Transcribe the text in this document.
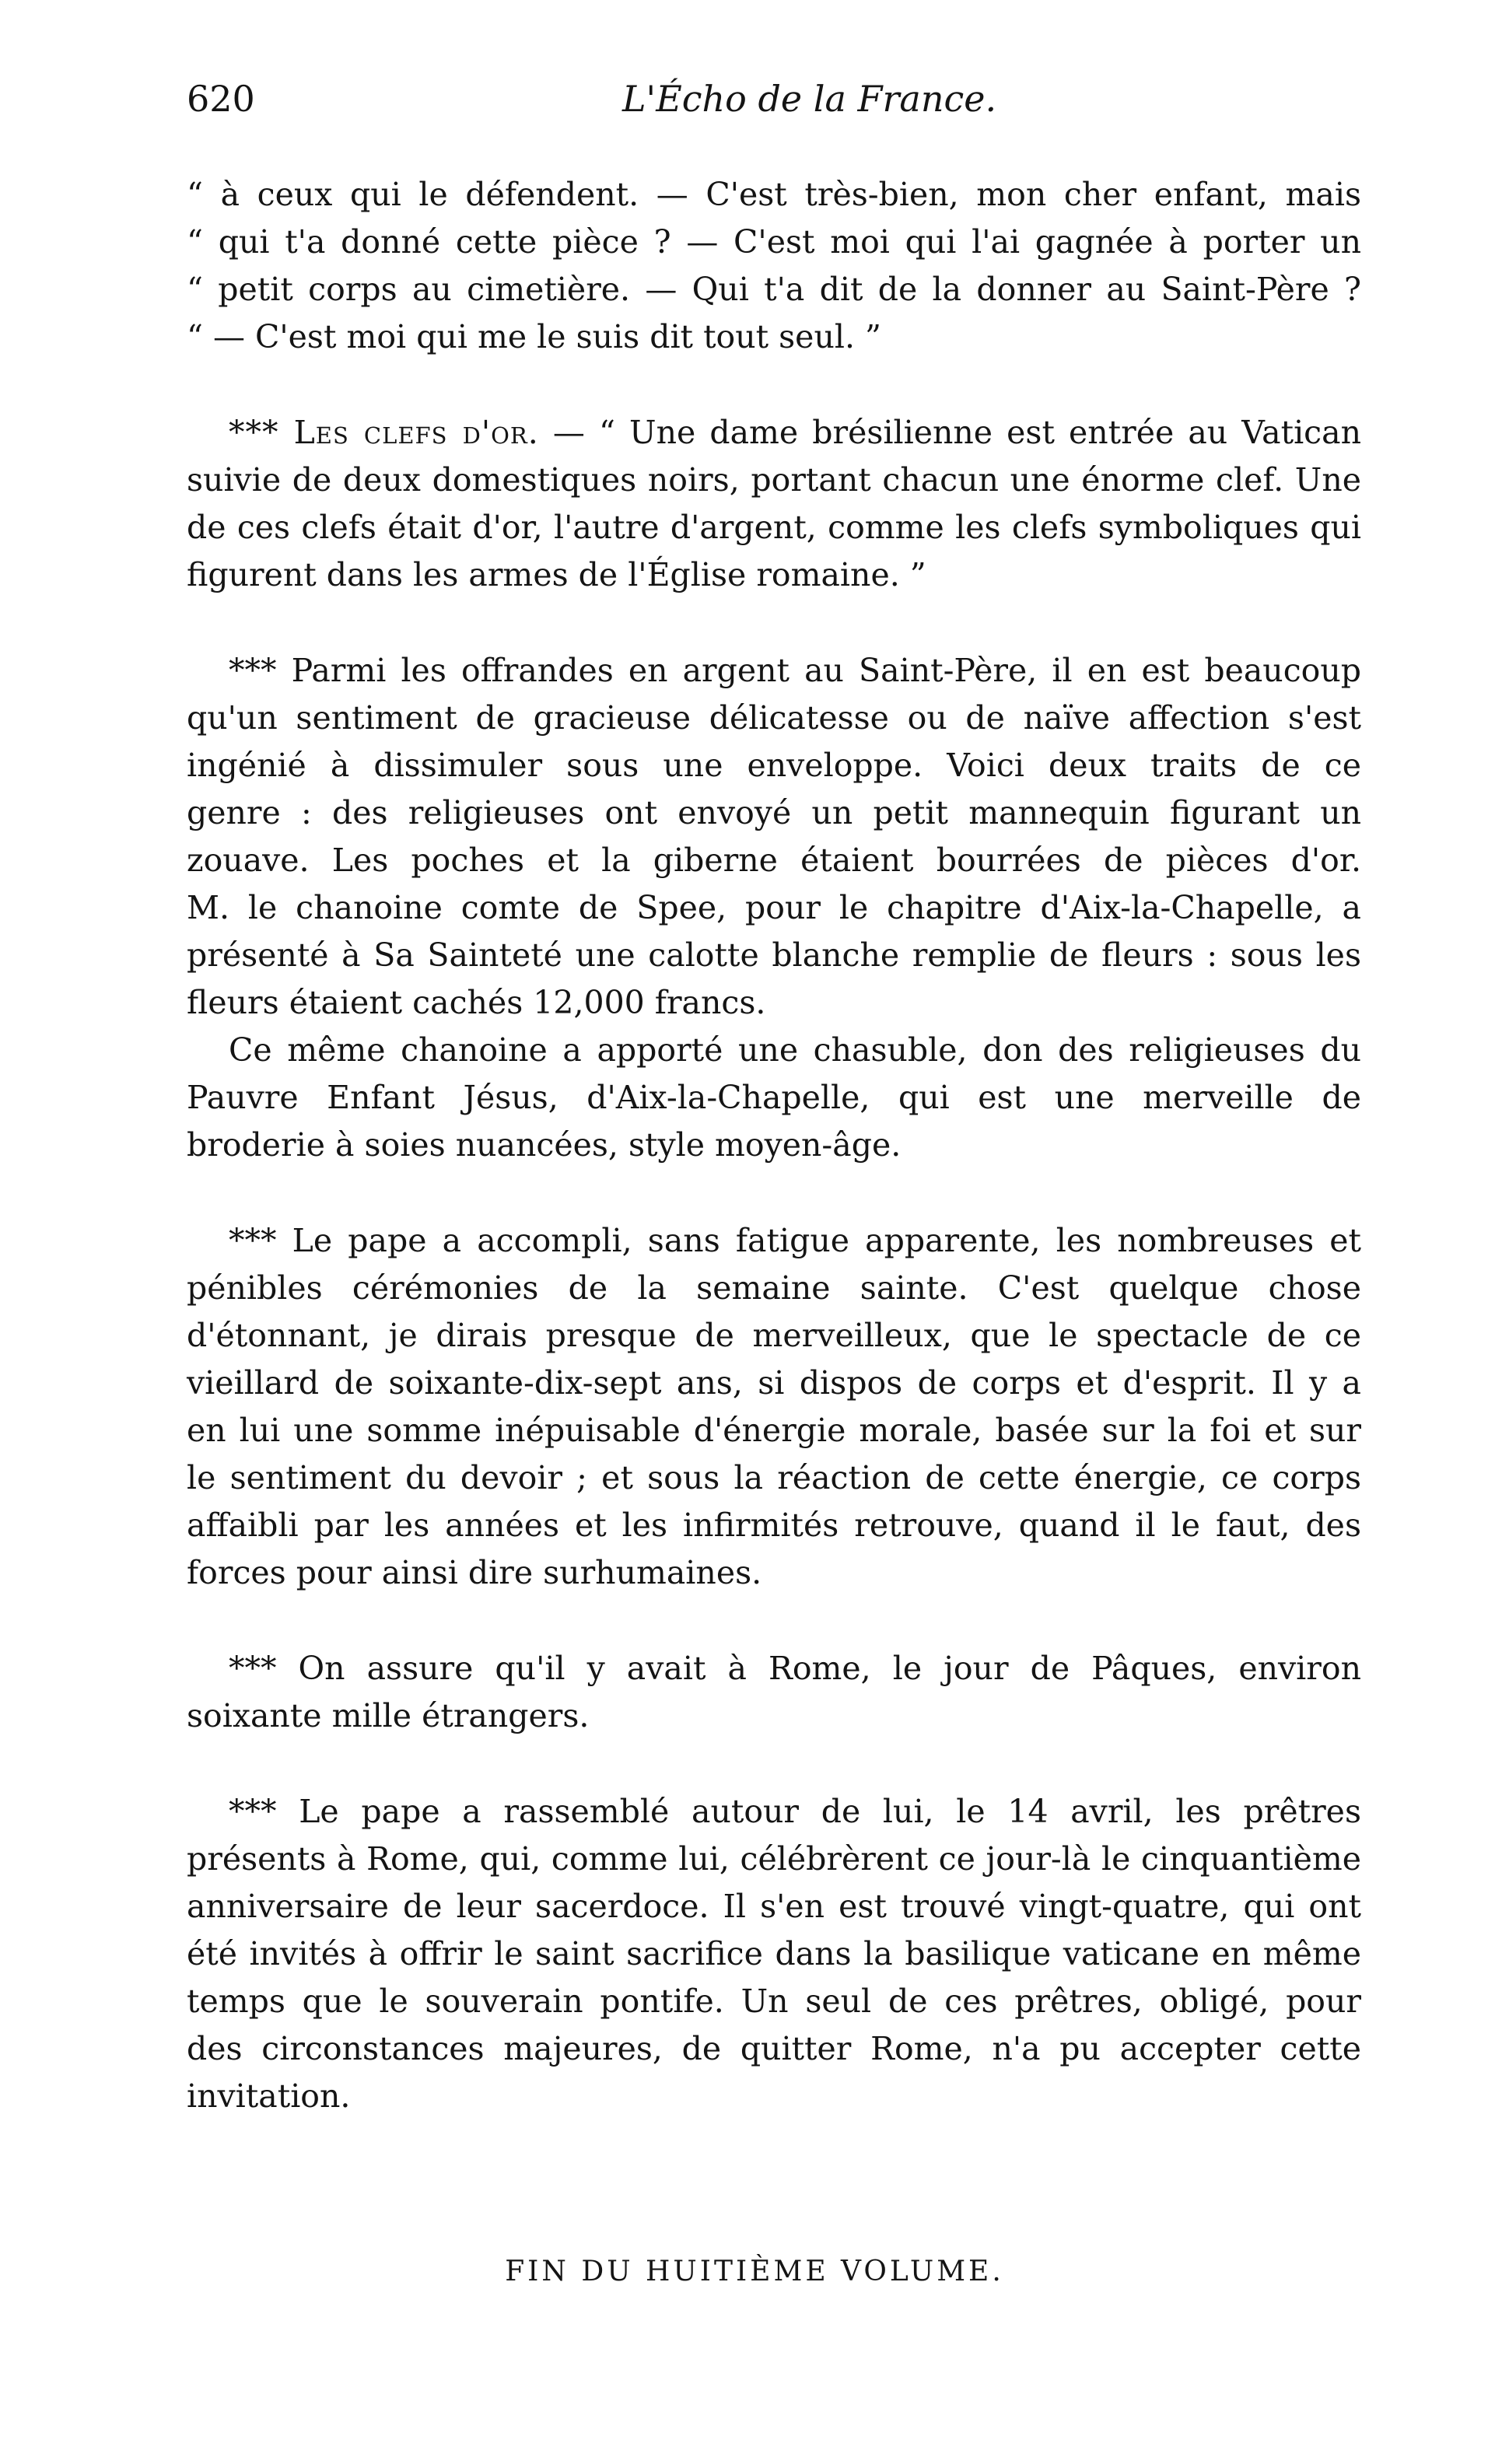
620	L'Écho de la France.

“ à ceux qui le défendent. — C'est très-bien, mon cher enfant, mais
“ qui t'a donné cette pièce ? — C'est moi qui l'ai gagnée à porter un
“ petit corps au cimetière. — Qui t'a dit de la donner au Saint-Père ?
“ — C'est moi qui me le suis dit tout seul. ”

*** Les clefs d'or. — “ Une dame brésilienne est entrée au Vatican
suivie de deux domestiques noirs, portant chacun une énorme clef. Une
de ces clefs était d'or, l'autre d'argent, comme les clefs symboliques qui
figurent dans les armes de l'Église romaine. ”

*** Parmi les offrandes en argent au Saint-Père, il en est beaucoup
qu'un sentiment de gracieuse délicatesse ou de naïve affection s'est
ingénié à dissimuler sous une enveloppe. Voici deux traits de ce
genre : des religieuses ont envoyé un petit mannequin figurant un
zouave. Les poches et la giberne étaient bourrées de pièces d'or.
M. le chanoine comte de Spee, pour le chapitre d'Aix-la-Chapelle, a
présenté à Sa Sainteté une calotte blanche remplie de fleurs : sous les
fleurs étaient cachés 12,000 francs.

Ce même chanoine a apporté une chasuble, don des religieuses du
Pauvre Enfant Jésus, d'Aix-la-Chapelle, qui est une merveille de
broderie à soies nuancées, style moyen-âge.

*** Le pape a accompli, sans fatigue apparente, les nombreuses et
pénibles cérémonies de la semaine sainte. C'est quelque chose
d'étonnant, je dirais presque de merveilleux, que le spectacle de ce
vieillard de soixante-dix-sept ans, si dispos de corps et d'esprit. Il y a
en lui une somme inépuisable d'énergie morale, basée sur la foi et sur
le sentiment du devoir ; et sous la réaction de cette énergie, ce corps
affaibli par les années et les infirmités retrouve, quand il le faut, des
forces pour ainsi dire surhumaines.

*** On assure qu'il y avait à Rome, le jour de Pâques, environ
soixante mille étrangers.

*** Le pape a rassemblé autour de lui, le 14 avril, les prêtres
présents à Rome, qui, comme lui, célébrèrent ce jour-là le cinquantième
anniversaire de leur sacerdoce. Il s'en est trouvé vingt-quatre, qui ont
été invités à offrir le saint sacrifice dans la basilique vaticane en même
temps que le souverain pontife. Un seul de ces prêtres, obligé, pour
des circonstances majeures, de quitter Rome, n'a pu accepter cette
invitation.

FIN DU HUITIÈME VOLUME.
